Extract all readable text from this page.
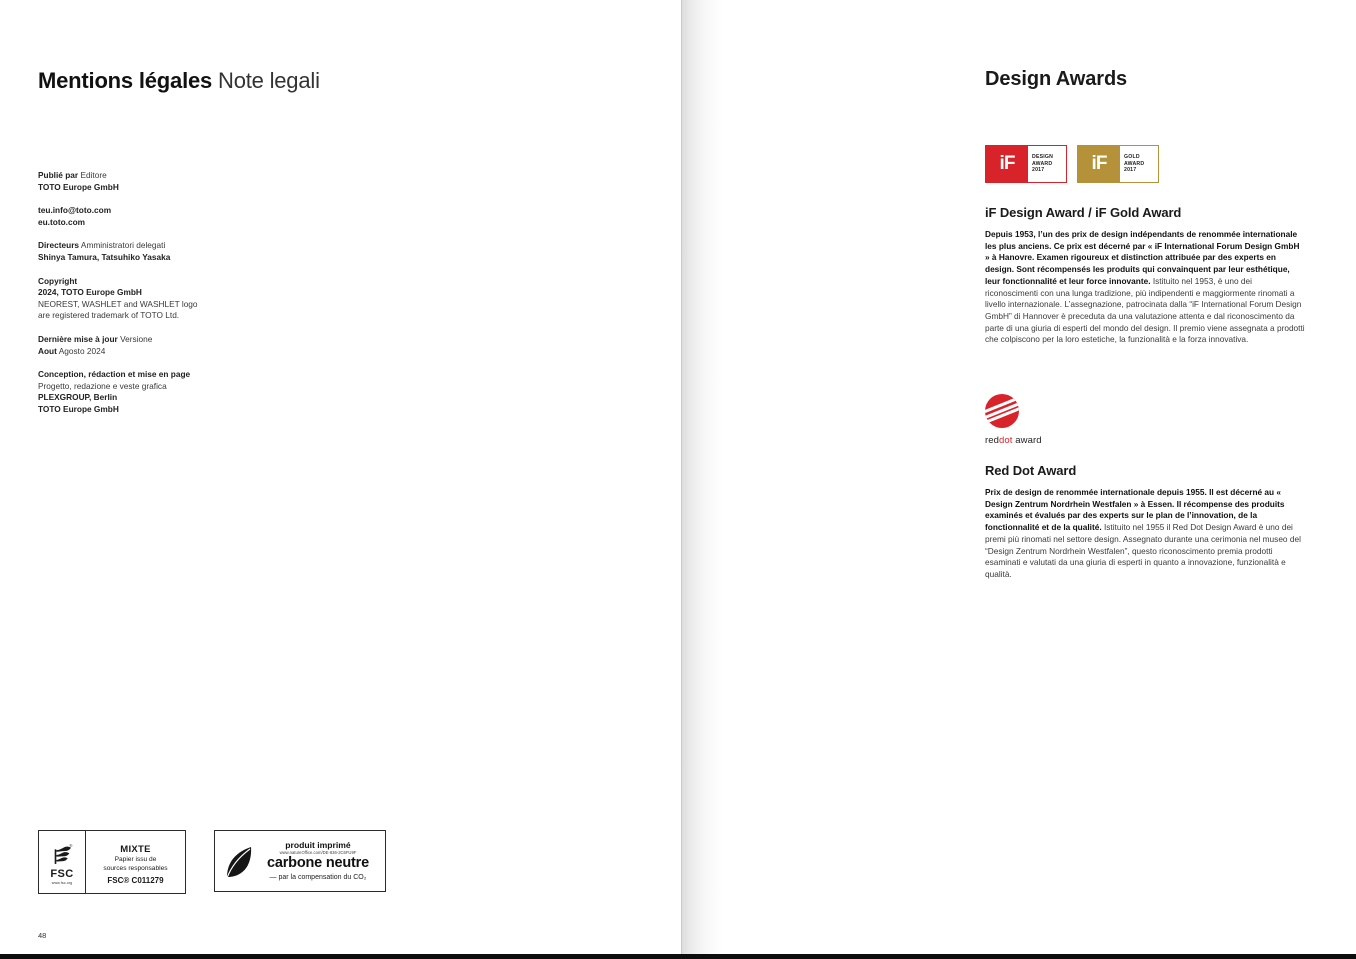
Mentions légales Note legali
Publié par Editore
TOTO Europe GmbH
teu.info@toto.com
eu.toto.com
Directeurs Amministratori delegati
Shinya Tamura, Tatsuhiko Yasaka
Copyright
2024, TOTO Europe GmbH
NEOREST, WASHLET and WASHLET logo
are registered trademark of TOTO Ltd.
Dernière mise à jour Versione
Aout Agosto 2024
Conception, rédaction et mise en page
Progetto, redazione e veste grafica
PLEXGROUP, Berlin
TOTO Europe GmbH
®
FSC
www.fsc.org
MIXTE
Papier issu de
sources responsables
FSC® C011279
produit imprimé
www.natureOffice.com/DE-836-2C6FU9F
carbone neutre
— par la compensation du CO₂
48
Design Awards
iF	DESIGN
AWARD
2017	iF	GOLD
AWARD
2017
iF Design Award / iF Gold Award

Depuis 1953, l’un des prix de design indépendants de renommée internationale les plus anciens. Ce prix est décerné par « iF International Forum Design GmbH » à Hanovre. Examen rigoureux et distinction attribuée par des experts en design. Sont récompensés les produits qui convainquent par leur esthétique, leur fonctionnalité et leur force innovante. Istituito nel 1953, è uno dei riconoscimenti con una lunga tradizione, più indipendenti e maggiormente rinomati a livello internazionale. L’assegnazione, patrocinata dalla “iF International Forum Design GmbH” di Hannover è preceduta da una valutazione attenta e dal riconoscimento da parte di una giuria di esperti del mondo del design. Il premio viene assegnata a prodotti che colpiscono per la loro estetiche, la funzionalità e la forza innovativa.

reddot award
Red Dot Award

Prix de design de renommée internationale depuis 1955. Il est décerné au « Design Zentrum Nordrhein Westfalen » à Essen. Il récompense des produits examinés et évalués par des experts sur le plan de l’innovation, de la fonctionnalité et de la qualité. Istituito nel 1955 il Red Dot Design Award è uno dei premi più rinomati nel settore design. Assegnato durante una cerimonia nel museo del “Design Zentrum Nordrhein Westfalen”, questo riconoscimento premia prodotti esaminati e valutati da una giuria di esperti in quanto a innovazione, funzionalità e qualità.
